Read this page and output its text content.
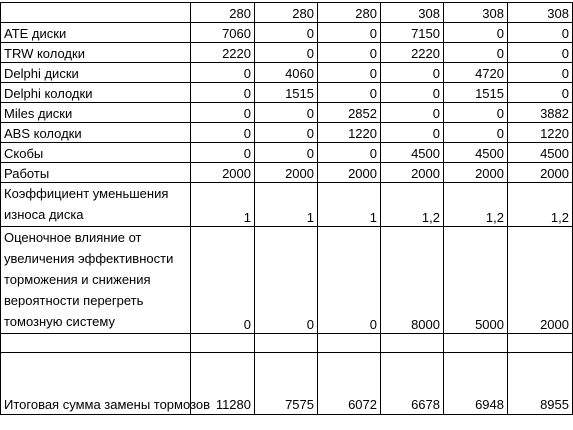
	280	280	280	308	308	308
ATE диски	7060	0	0	7150	0	0
TRW колодки	2220	0	0	2220	0	0
Delphi диски	0	4060	0	0	4720	0
Delphi колодки	0	1515	0	0	1515	0
Miles диски	0	0	2852	0	0	3882
ABS колодки	0	0	1220	0	0	1220
Скобы	0	0	0	4500	4500	4500
Работы	2000	2000	2000	2000	2000	2000
Коэффициент уменьшения износа диска	1	1	1	1,2	1,2	1,2
Оценочное влияние от увеличения эффективности торможения и снижения вероятности перегреть томозную систему	0	0	0	8000	5000	2000

Итоговая сумма замены тормозов	11280	7575	6072	6678	6948	8955
